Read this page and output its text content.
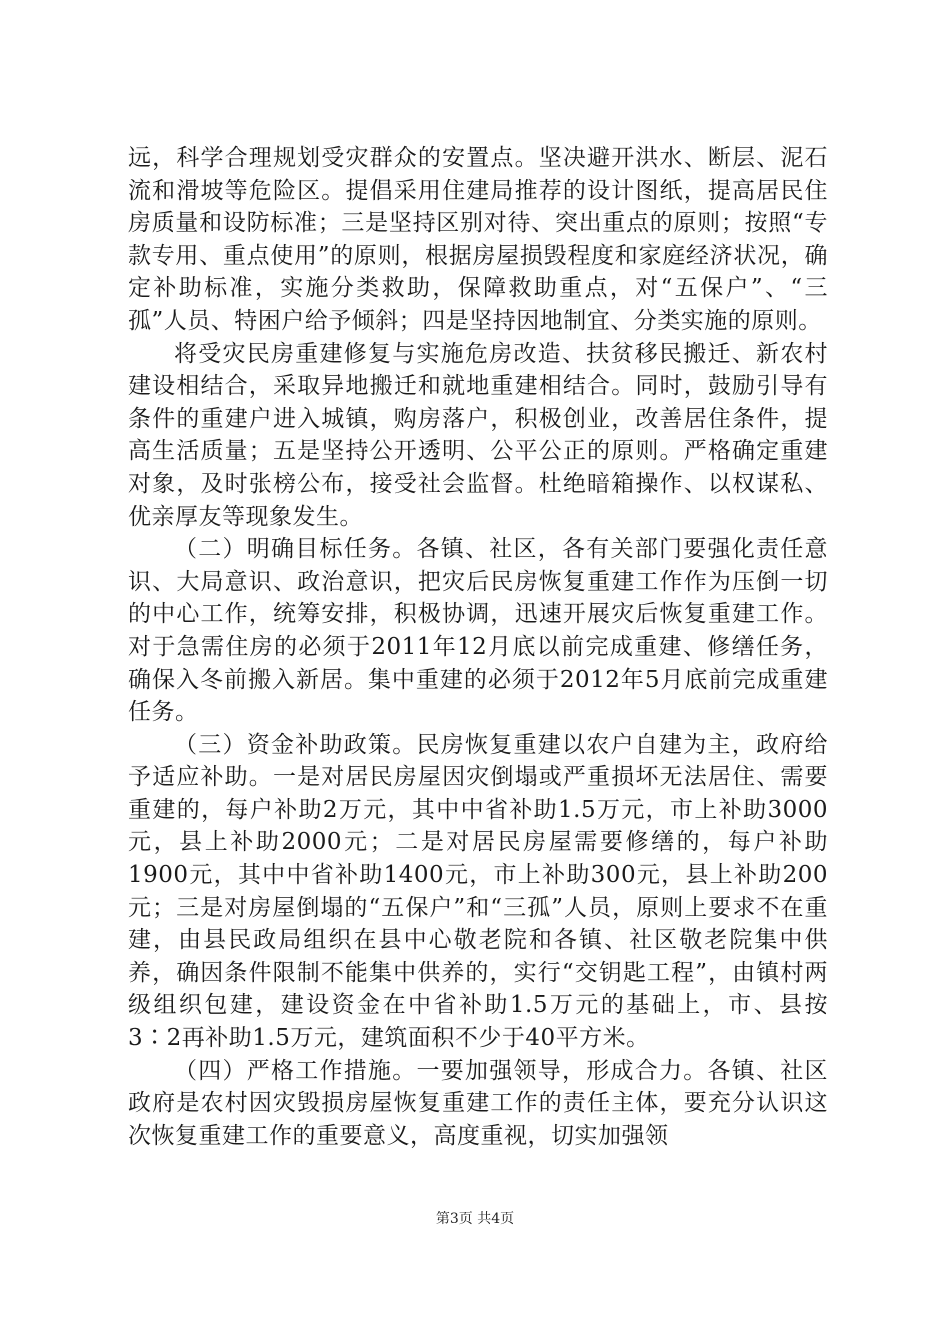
远，科学合理规划受灾群众的安置点。坚决避开洪水、断层、泥石流和滑坡等危险区。提倡采用住建局推荐的设计图纸，提高居民住房质量和设防标准；三是坚持区别对待、突出重点的原则；按照“专款专用、重点使用”的原则，根据房屋损毁程度和家庭经济状况，确定补助标准，实施分类救助，保障救助重点，对“五保户”、“三孤”人员、特困户给予倾斜；四是坚持因地制宜、分类实施的原则。

将受灾民房重建修复与实施危房改造、扶贫移民搬迁、新农村建设相结合，采取异地搬迁和就地重建相结合。同时，鼓励引导有条件的重建户进入城镇，购房落户，积极创业，改善居住条件，提高生活质量；五是坚持公开透明、公平公正的原则。严格确定重建对象，及时张榜公布，接受社会监督。杜绝暗箱操作、以权谋私、优亲厚友等现象发生。

（二）明确目标任务。各镇、社区，各有关部门要强化责任意识、大局意识、政治意识，把灾后民房恢复重建工作作为压倒一切的中心工作，统筹安排，积极协调，迅速开展灾后恢复重建工作。对于急需住房的必须于2011年12月底以前完成重建、修缮任务，确保入冬前搬入新居。集中重建的必须于2012年5月底前完成重建任务。

（三）资金补助政策。民房恢复重建以农户自建为主，政府给予适应补助。一是对居民房屋因灾倒塌或严重损坏无法居住、需要重建的，每户补助2万元，其中中省补助1.5万元，市上补助3000元，县上补助2000元；二是对居民房屋需要修缮的，每户补助1900元，其中中省补助1400元，市上补助300元，县上补助200元；三是对房屋倒塌的“五保户”和“三孤”人员，原则上要求不在重建，由县民政局组织在县中心敬老院和各镇、社区敬老院集中供养，确因条件限制不能集中供养的，实行“交钥匙工程”，由镇村两级组织包建，建设资金在中省补助1.5万元的基础上，市、县按3∶2再补助1.5万元，建筑面积不少于40平方米。

（四）严格工作措施。一要加强领导，形成合力。各镇、社区政府是农村因灾毁损房屋恢复重建工作的责任主体，要充分认识这次恢复重建工作的重要意义，高度重视，切实加强领

第3页 共4页
